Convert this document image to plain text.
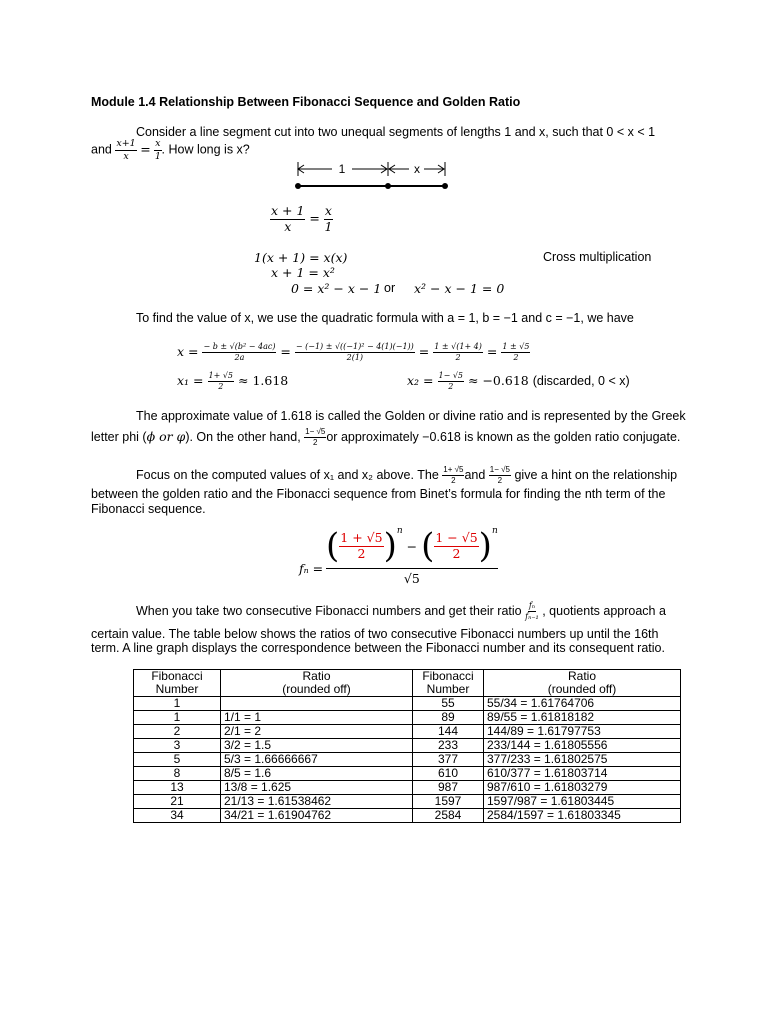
Module 1.4 Relationship Between Fibonacci Sequence and Golden Ratio
Consider a line segment cut into two unequal segments of lengths 1 and x, such that 0 < x < 1
and $\frac{x+1}{x} = \frac{x}{1}$ . How long is x?
1	x
$\frac{x + 1}{x} = \frac{x}{1}$
1(x + 1) = x(x)
x + 1 = x²
0 = x² − x − 1 or x² − x − 1 = 0
Cross multiplication
To find the value of x, we use the quadratic formula with a = 1, b = −1 and c = −1, we have
$x = \frac{\text{− b ± √(b² − 4ac)}}{2a} = \frac{\text{− (−1) ± √((−1)² − 4(1)(−1))}}{2(1)} = \frac{1 \pm √(1+ 4)}{2} = \frac{1 \pm √5}{2}$
$x_1 = \frac{1+ √5}{2} \approx 1.618$	$x_2 = \frac{1- √5}{2} \approx -0.618$ (discarded, 0 < x)
The approximate value of 1.618 is called the Golden or divine ratio and is represented by the Greek
letter phi (ϕ or φ). On the other hand, $\frac{1- √5}{2}$ or approximately −0.618 is known as the golden ratio conjugate.
Focus on the computed values of x₁ and x₂ above. The $\frac{1+ √5}{2}$ and $\frac{1- √5}{2}$ give a hint on the relationship
between the golden ratio and the Fibonacci sequence from Binet’s formula for finding the nth term of the
Fibonacci sequence.
fₙ =
( $\frac{1 + √5}{2} )^n$
− ( $\frac{1 - √5}{2} )^n$
√5
When you take two consecutive Fibonacci numbers and get their ratio $\frac{\text{fₙ}}{\text{fₙ₋₁}}$ , quotients approach a
certain value. The table below shows the ratios of two consecutive Fibonacci numbers up until the 16th
term. A line graph displays the correspondence between the Fibonacci number and its consequent ratio.
Fibonacci
Number	Ratio
(rounded off)	Fibonacci
Number	Ratio
(rounded off)
1		55	55/34 = 1.61764706
1	1/1 = 1	89	89/55 = 1.61818182
2	2/1 = 2	144	144/89 = 1.61797753
3	3/2 = 1.5	233	233/144 = 1.61805556
5	5/3 = 1.66666667	377	377/233 = 1.61802575
8	8/5 = 1.6	610	610/377 = 1.61803714
13	13/8 = 1.625	987	987/610 = 1.61803279
21	21/13 = 1.61538462	1597	1597/987 = 1.61803445
34	34/21 = 1.61904762	2584	2584/1597 = 1.61803345
